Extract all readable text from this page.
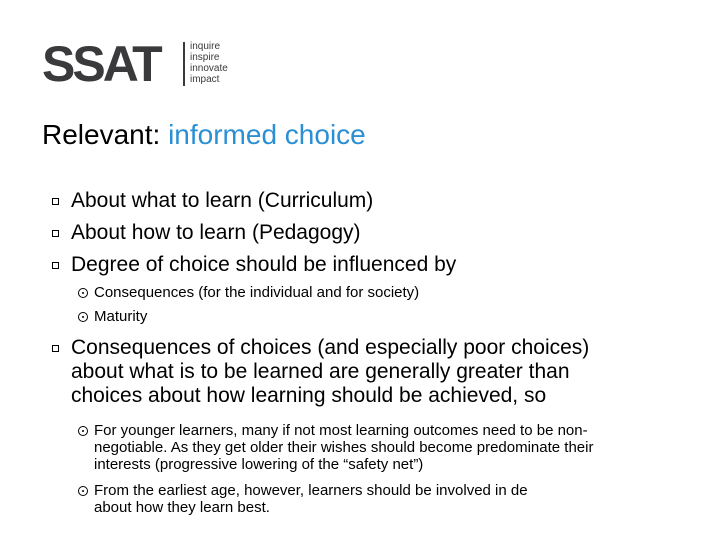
SSAT	inquire
inspire
innovate
impact
Relevant: informed choice
About what to learn (Curriculum)
About how to learn (Pedagogy)
Degree of choice should be influenced by
Consequences (for the individual and for society)
Maturity
Consequences of choices (and especially poor choices)
about what is to be learned are generally greater than
choices about how learning should be achieved, so
For younger learners, many if not most learning outcomes need to be non-
negotiable. As they get older their wishes should become predominate their
interests (progressive lowering of the “safety net”)
From the earliest age, however, learners should be involved in de
about how they learn best.
